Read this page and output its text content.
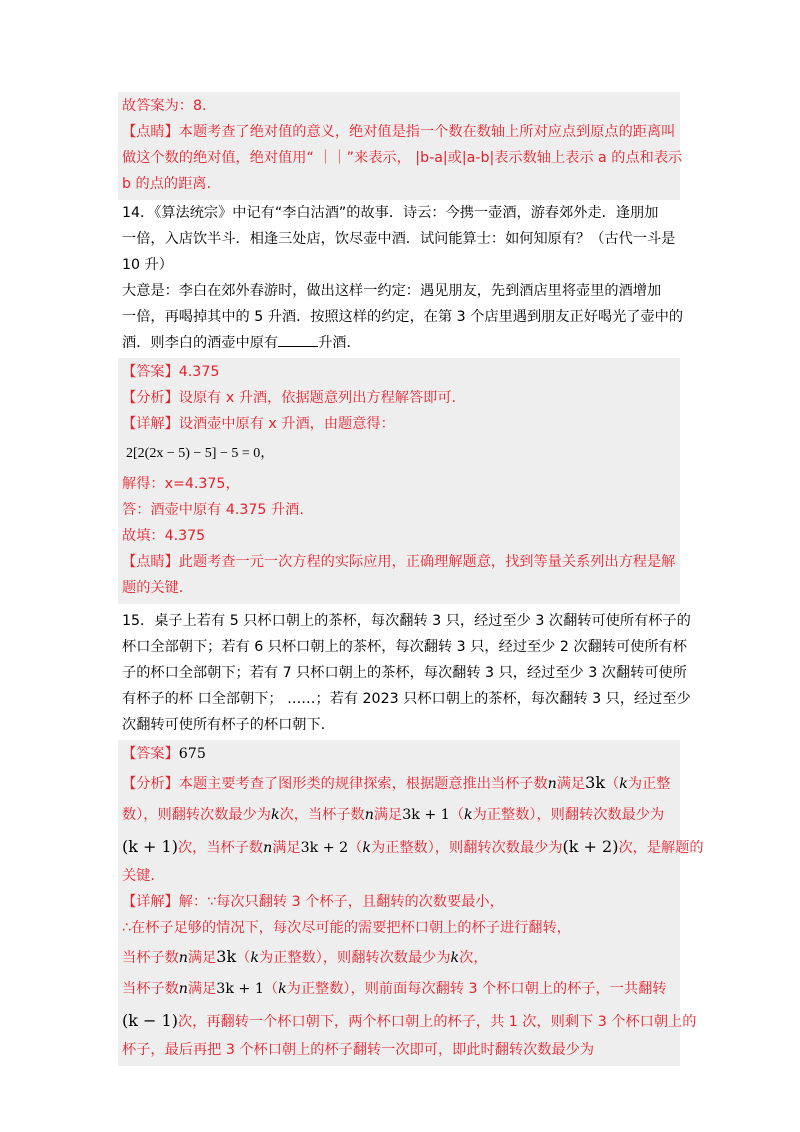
故答案为：8.
【点睛】本题考查了绝对值的意义，绝对值是指一个数在数轴上所对应点到原点的距离叫
做这个数的绝对值，绝对值用“ ｜｜”来表示， |b-a|或|a-b|表示数轴上表示 a 的点和表示
b 的点的距离.
14．《算法统宗》中记有“李白沽酒”的故事．诗云：今携一壶酒，游春郊外走．逢朋加
一倍，入店饮半斗．相逢三处店，饮尽壶中酒．试问能算士：如何知原有？（古代一斗是
10 升）
大意是：李白在郊外春游时，做出这样一约定：遇见朋友，先到酒店里将壶里的酒增加
一倍，再喝掉其中的 5 升酒．按照这样的约定，在第 3 个店里遇到朋友正好喝光了壶中的
酒．则李白的酒壶中原有	升酒．
【答案】4.375
【分析】设原有 x 升酒，依据题意列出方程解答即可.
【详解】设酒壶中原有 x 升酒，由题意得：
2[2(2x − 5) − 5] − 5 = 0，
解得：x=4.375，
答：酒壶中原有 4.375 升酒.
故填：4.375
【点睛】此题考查一元一次方程的实际应用，正确理解题意，找到等量关系列出方程是解
题的关键.
15．桌子上若有 5 只杯口朝上的茶杯，每次翻转 3 只，经过至少 3 次翻转可使所有杯子的
杯口全部朝下；若有 6 只杯口朝上的茶杯，每次翻转 3 只，经过至少 2 次翻转可使所有杯
子的杯口全部朝下；若有 7 只杯口朝上的茶杯，每次翻转 3 只，经过至少 3 次翻转可使所
有杯子的杯 口全部朝下； ……；若有 2023 只杯口朝上的茶杯，每次翻转 3 只，经过至少
次翻转可使所有杯子的杯口朝下.
【答案】675
【分析】本题主要考查了图形类的规律探索，根据题意推出当杯子数n满足3k（k为正整
数），则翻转次数最少为k次，当杯子数n满足3k + 1（k为正整数），则翻转次数最少为
(k + 1)次，当杯子数n满足3k + 2（k为正整数），则翻转次数最少为(k + 2)次，是解题的
关键.
【详解】解：∵每次只翻转 3 个杯子，且翻转的次数要最小，
∴在杯子足够的情况下，每次尽可能的需要把杯口朝上的杯子进行翻转，
当杯子数n满足3k（k为正整数），则翻转次数最少为k次，
当杯子数n满足3k + 1（k为正整数），则前面每次翻转 3 个杯口朝上的杯子，一共翻转
(k − 1)次，再翻转一个杯口朝下，两个杯口朝上的杯子，共 1 次，则剩下 3 个杯口朝上的
杯子，最后再把 3 个杯口朝上的杯子翻转一次即可，即此时翻转次数最少为
